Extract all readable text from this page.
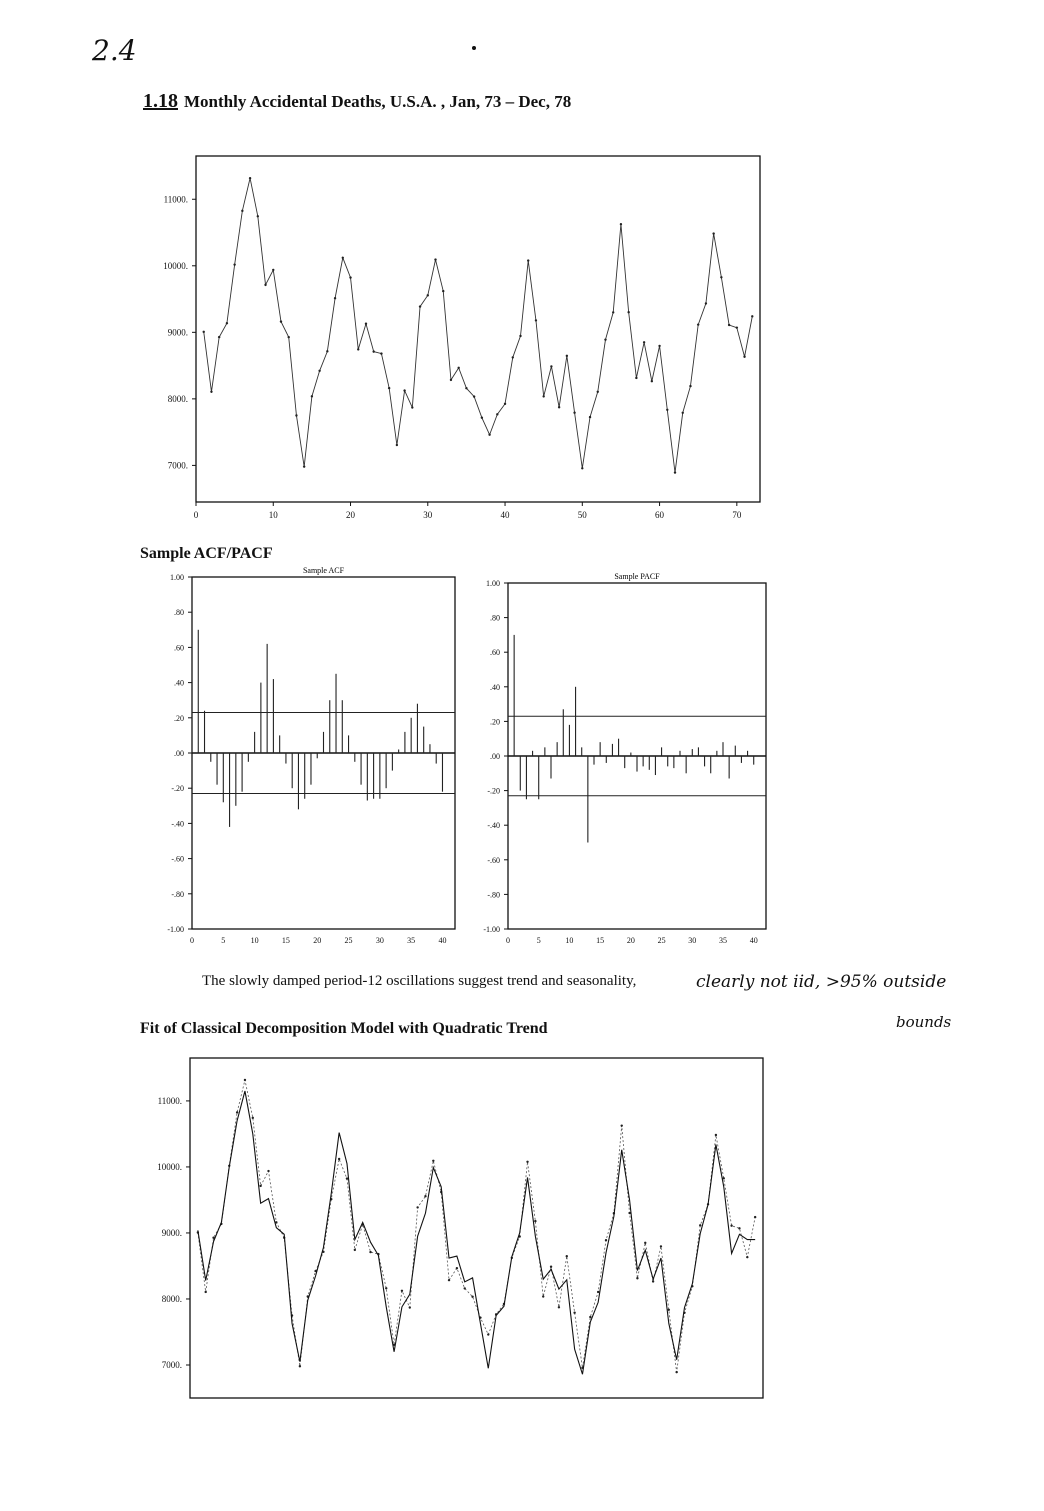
2.4
1.18 Monthly Accidental Deaths, U.S.A. , Jan, 73 – Dec, 78
7000.
8000.
9000.
10000.
11000.
0	10	20	30	40	50	60	70
Sample ACF/PACF
Sample ACF
1.00
.80
.60
.40
.20
.00
-.20
-.40
-.60
-.80
-1.00
0	5	10	15	20	25	30	35	40
Sample PACF
1.00
.80
.60
.40
.20
.00
-.20
-.40
-.60
-.80
-1.00
0	5	10	15	20	25	30	35	40
The slowly damped period-12 oscillations suggest trend and seasonality,	clearly not iid, >95% outside
bounds
Fit of Classical Decomposition Model with Quadratic Trend
7000.
8000.
9000.
10000.
11000.
